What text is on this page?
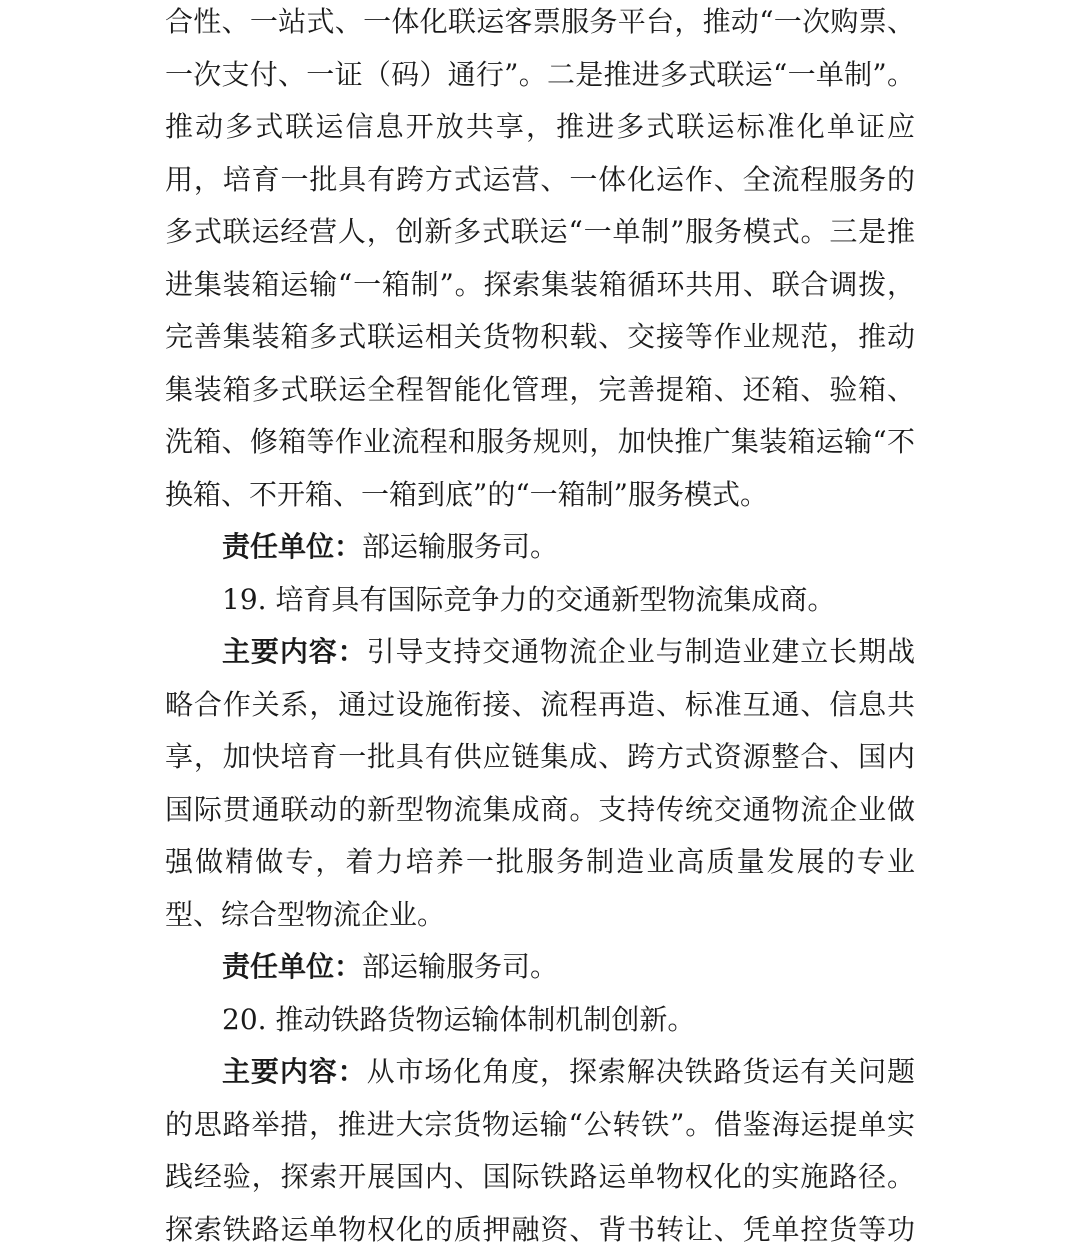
合性、一站式、一体化联运客票服务平台，推动“一次购票、
一次支付、一证（码）通行”。二是推进多式联运“一单制”。
推动多式联运信息开放共享，推进多式联运标准化单证应
用，培育一批具有跨方式运营、一体化运作、全流程服务的
多式联运经营人，创新多式联运“一单制”服务模式。三是推
进集装箱运输“一箱制”。探索集装箱循环共用、联合调拨，
完善集装箱多式联运相关货物积载、交接等作业规范，推动
集装箱多式联运全程智能化管理，完善提箱、还箱、验箱、
洗箱、修箱等作业流程和服务规则，加快推广集装箱运输“不
换箱、不开箱、一箱到底”的“一箱制”服务模式。
责任单位：部运输服务司。
19. 培育具有国际竞争力的交通新型物流集成商。
主要内容：引导支持交通物流企业与制造业建立长期战
略合作关系，通过设施衔接、流程再造、标准互通、信息共
享，加快培育一批具有供应链集成、跨方式资源整合、国内
国际贯通联动的新型物流集成商。支持传统交通物流企业做
强做精做专，着力培养一批服务制造业高质量发展的专业
型、综合型物流企业。
责任单位：部运输服务司。
20. 推动铁路货物运输体制机制创新。
主要内容：从市场化角度，探索解决铁路货运有关问题
的思路举措，推进大宗货物运输“公转铁”。借鉴海运提单实
践经验，探索开展国内、国际铁路运单物权化的实施路径。
探索铁路运单物权化的质押融资、背书转让、凭单控货等功
